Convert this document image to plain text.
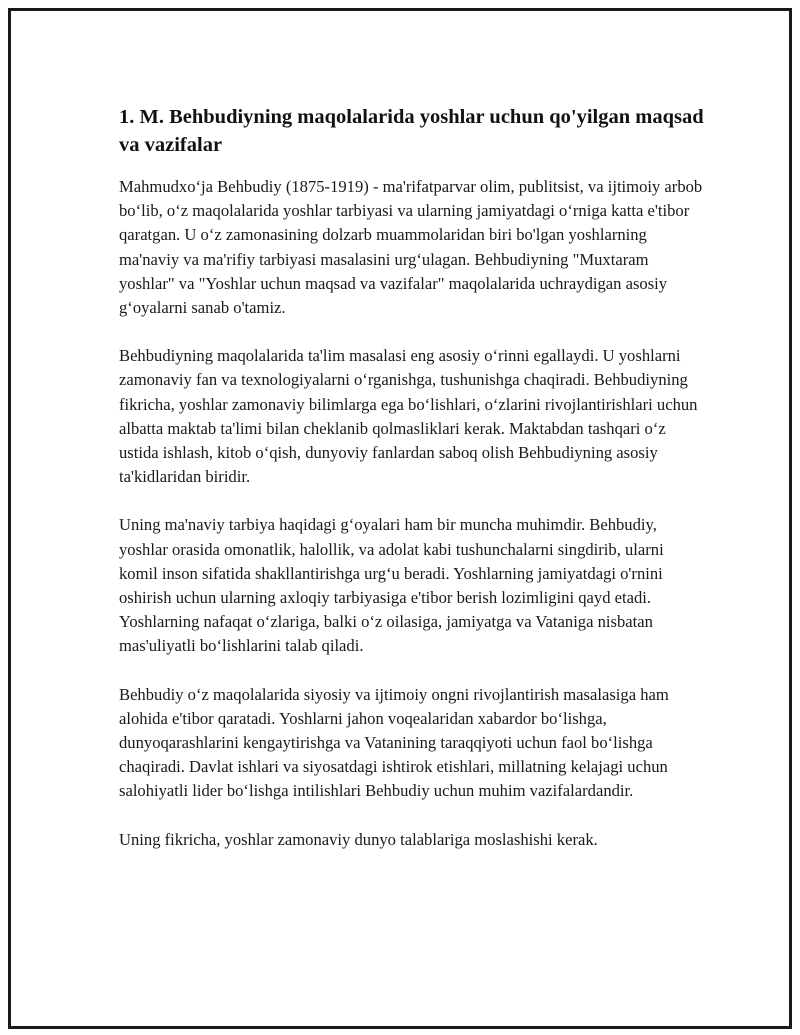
1. M. Behbudiyning maqolalarida yoshlar uchun qo'yilgan maqsad va vazifalar

Mahmudxo‘ja Behbudiy (1875-1919) - ma'rifatparvar olim, publitsist, va ijtimoiy arbob bo‘lib, o‘z maqolalarida yoshlar tarbiyasi va ularning jamiyatdagi o‘rniga katta e'tibor qaratgan. U o‘z zamonasining dolzarb muammolaridan biri bo'lgan yoshlarning ma'naviy va ma'rifiy tarbiyasi masalasini urg‘ulagan. Behbudiyning "Muxtaram yoshlar" va "Yoshlar uchun maqsad va vazifalar" maqolalarida uchraydigan asosiy g‘oyalarni sanab o'tamiz.

Behbudiyning maqolalarida ta'lim masalasi eng asosiy o‘rinni egallaydi. U yoshlarni zamonaviy fan va texnologiyalarni o‘rganishga, tushunishga chaqiradi. Behbudiyning fikricha, yoshlar zamonaviy bilimlarga ega bo‘lishlari, o‘zlarini rivojlantirishlari uchun albatta maktab ta'limi bilan cheklanib qolmasliklari kerak. Maktabdan tashqari o‘z ustida ishlash, kitob o‘qish, dunyoviy fanlardan saboq olish Behbudiyning asosiy ta'kidlaridan biridir.

Uning ma'naviy tarbiya haqidagi g‘oyalari ham bir muncha muhimdir. Behbudiy, yoshlar orasida omonatlik, halollik, va adolat kabi tushunchalarni singdirib, ularni komil inson sifatida shakllantirishga urg‘u beradi. Yoshlarning jamiyatdagi o'rnini oshirish uchun ularning axloqiy tarbiyasiga e'tibor berish lozimligini qayd etadi. Yoshlarning nafaqat o‘zlariga, balki o‘z oilasiga, jamiyatga va Vataniga nisbatan mas'uliyatli bo‘lishlarini talab qiladi.

Behbudiy o‘z maqolalarida siyosiy va ijtimoiy ongni rivojlantirish masalasiga ham alohida e'tibor qaratadi. Yoshlarni jahon voqealaridan xabardor bo‘lishga, dunyoqarashlarini kengaytirishga va Vatanining taraqqiyoti uchun faol bo‘lishga chaqiradi. Davlat ishlari va siyosatdagi ishtirok etishlari, millatning kelajagi uchun salohiyatli lider bo‘lishga intilishlari Behbudiy uchun muhim vazifalardandir.

Uning fikricha, yoshlar zamonaviy dunyo talablariga moslashishi kerak.
